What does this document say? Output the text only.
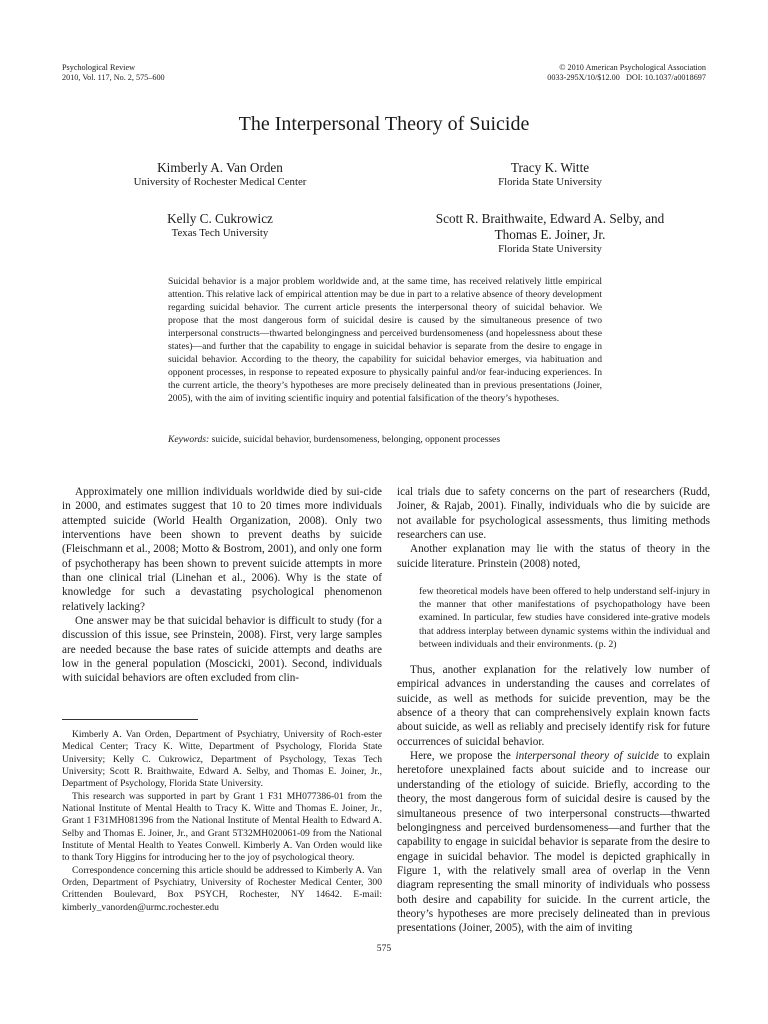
Psychological Review
2010, Vol. 117, No. 2, 575–600
© 2010 American Psychological Association
0033-295X/10/$12.00   DOI: 10.1037/a0018697
The Interpersonal Theory of Suicide
Kimberly A. Van Orden
University of Rochester Medical Center
Tracy K. Witte
Florida State University
Kelly C. Cukrowicz
Texas Tech University
Scott R. Braithwaite, Edward A. Selby, and
Thomas E. Joiner, Jr.
Florida State University

Suicidal behavior is a major problem worldwide and, at the same time, has received relatively little empirical attention. This relative lack of empirical attention may be due in part to a relative absence of theory development regarding suicidal behavior. The current article presents the interpersonal theory of suicidal behavior. We propose that the most dangerous form of suicidal desire is caused by the simultaneous presence of two interpersonal constructs—thwarted belongingness and perceived burdensomeness (and hopelessness about these states)—and further that the capability to engage in suicidal behavior is separate from the desire to engage in suicidal behavior. According to the theory, the capability for suicidal behavior emerges, via habituation and opponent processes, in response to repeated exposure to physically painful and/or fear-inducing experiences. In the current article, the theory’s hypotheses are more precisely delineated than in previous presentations (Joiner, 2005), with the aim of inviting scientific inquiry and potential falsification of the theory’s hypotheses.

Keywords: suicide, suicidal behavior, burdensomeness, belonging, opponent processes

Approximately one million individuals worldwide died by sui-cide in 2000, and estimates suggest that 10 to 20 times more individuals attempted suicide (World Health Organization, 2008). Only two interventions have been shown to prevent deaths by suicide (Fleischmann et al., 2008; Motto & Bostrom, 2001), and only one form of psychotherapy has been shown to prevent suicide attempts in more than one clinical trial (Linehan et al., 2006). Why is the state of knowledge for such a devastating psychological phenomenon relatively lacking?

One answer may be that suicidal behavior is difficult to study (for a discussion of this issue, see Prinstein, 2008). First, very large samples are needed because the base rates of suicide attempts and deaths are low in the general population (Moscicki, 2001). Second, individuals with suicidal behaviors are often excluded from clin-

Kimberly A. Van Orden, Department of Psychiatry, University of Roch-ester Medical Center; Tracy K. Witte, Department of Psychology, Florida State University; Kelly C. Cukrowicz, Department of Psychology, Texas Tech University; Scott R. Braithwaite, Edward A. Selby, and Thomas E. Joiner, Jr., Department of Psychology, Florida State University.

This research was supported in part by Grant 1 F31 MH077386-01 from the National Institute of Mental Health to Tracy K. Witte and Thomas E. Joiner, Jr., Grant 1 F31MH081396 from the National Institute of Mental Health to Edward A. Selby and Thomas E. Joiner, Jr., and Grant 5T32MH020061-09 from the National Institute of Mental Health to Yeates Conwell. Kimberly A. Van Orden would like to thank Tory Higgins for introducing her to the joy of psychological theory.

Correspondence concerning this article should be addressed to Kimberly A. Van Orden, Department of Psychiatry, University of Rochester Medical Center, 300 Crittenden Boulevard, Box PSYCH, Rochester, NY 14642. E-mail: kimberly_vanorden@urmc.rochester.edu

ical trials due to safety concerns on the part of researchers (Rudd, Joiner, & Rajab, 2001). Finally, individuals who die by suicide are not available for psychological assessments, thus limiting methods researchers can use.

Another explanation may lie with the status of theory in the suicide literature. Prinstein (2008) noted,

few theoretical models have been offered to help understand self-injury in the manner that other manifestations of psychopathology have been examined. In particular, few studies have considered inte-grative models that address interplay between dynamic systems within the individual and between individuals and their environments. (p. 2)

Thus, another explanation for the relatively low number of empirical advances in understanding the causes and correlates of suicide, as well as methods for suicide prevention, may be the absence of a theory that can comprehensively explain known facts about suicide, as well as reliably and precisely identify risk for future occurrences of suicidal behavior.

Here, we propose the interpersonal theory of suicide to explain heretofore unexplained facts about suicide and to increase our understanding of the etiology of suicide. Briefly, according to the theory, the most dangerous form of suicidal desire is caused by the simultaneous presence of two interpersonal constructs—thwarted belongingness and perceived burdensomeness—and further that the capability to engage in suicidal behavior is separate from the desire to engage in suicidal behavior. The model is depicted graphically in Figure 1, with the relatively small area of overlap in the Venn diagram representing the small minority of individuals who possess both desire and capability for suicide. In the current article, the theory’s hypotheses are more precisely delineated than in previous presentations (Joiner, 2005), with the aim of inviting

575
